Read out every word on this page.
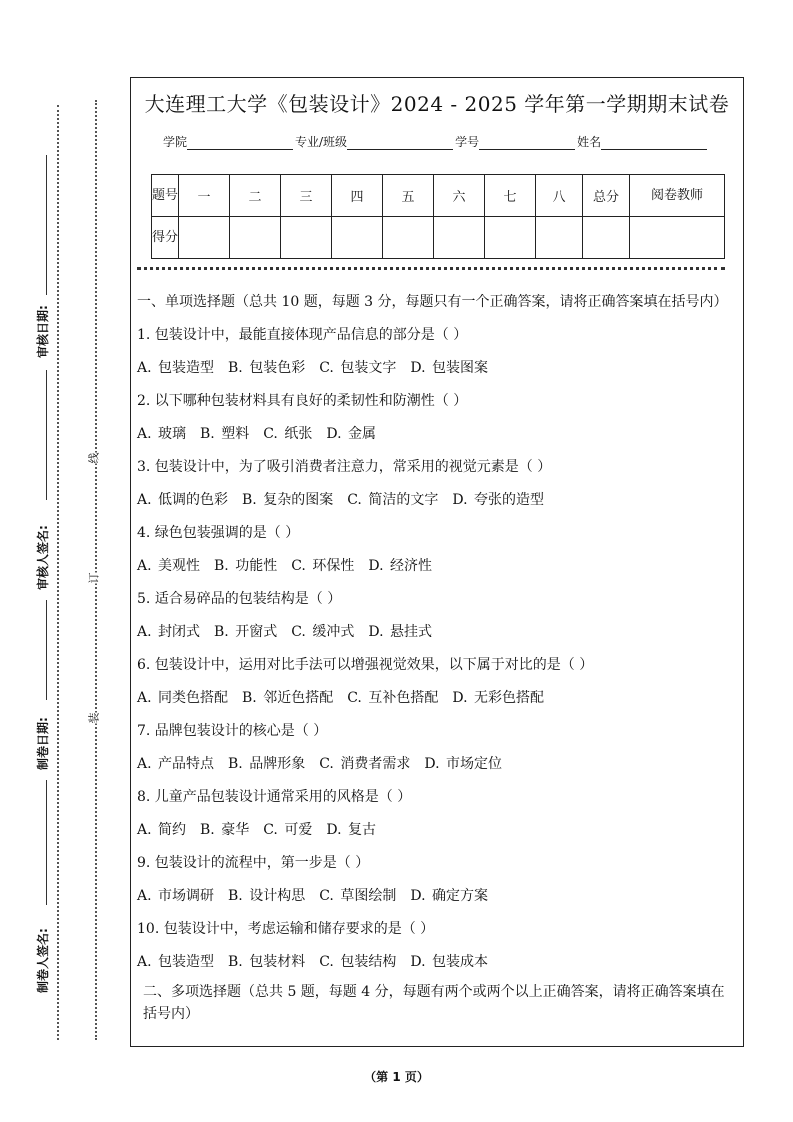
审核日期:
审核人签名:
制卷日期:
制卷人签名:
线
订
装
大连理工大学《包装设计》2024 - 2025 学年第一学期期末试卷
学院	专业/班级	学号	姓名
题号	一	二	三	四	五	六	七	八	总分	阅卷教师
得分										
一、单项选择题（总共 10 题，每题 3 分，每题只有一个正确答案，请将正确答案填在括号内）
1. 包装设计中，最能直接体现产品信息的部分是（ ）
A. 包装造型 B. 包装色彩 C. 包装文字 D. 包装图案
2. 以下哪种包装材料具有良好的柔韧性和防潮性（ ）
A. 玻璃 B. 塑料 C. 纸张 D. 金属
3. 包装设计中，为了吸引消费者注意力，常采用的视觉元素是（ ）
A. 低调的色彩 B. 复杂的图案 C. 简洁的文字 D. 夸张的造型
4. 绿色包装强调的是（ ）
A. 美观性 B. 功能性 C. 环保性 D. 经济性
5. 适合易碎品的包装结构是（ ）
A. 封闭式 B. 开窗式 C. 缓冲式 D. 悬挂式
6. 包装设计中，运用对比手法可以增强视觉效果，以下属于对比的是（ ）
A. 同类色搭配 B. 邻近色搭配 C. 互补色搭配 D. 无彩色搭配
7. 品牌包装设计的核心是（ ）
A. 产品特点 B. 品牌形象 C. 消费者需求 D. 市场定位
8. 儿童产品包装设计通常采用的风格是（ ）
A. 简约 B. 豪华 C. 可爱 D. 复古
9. 包装设计的流程中，第一步是（ ）
A. 市场调研 B. 设计构思 C. 草图绘制 D. 确定方案
10. 包装设计中，考虑运输和储存要求的是（ ）
A. 包装造型 B. 包装材料 C. 包装结构 D. 包装成本
二、多项选择题（总共 5 题，每题 4 分，每题有两个或两个以上正确答案，请将正确答案填在括号内）
（第 1 页）
